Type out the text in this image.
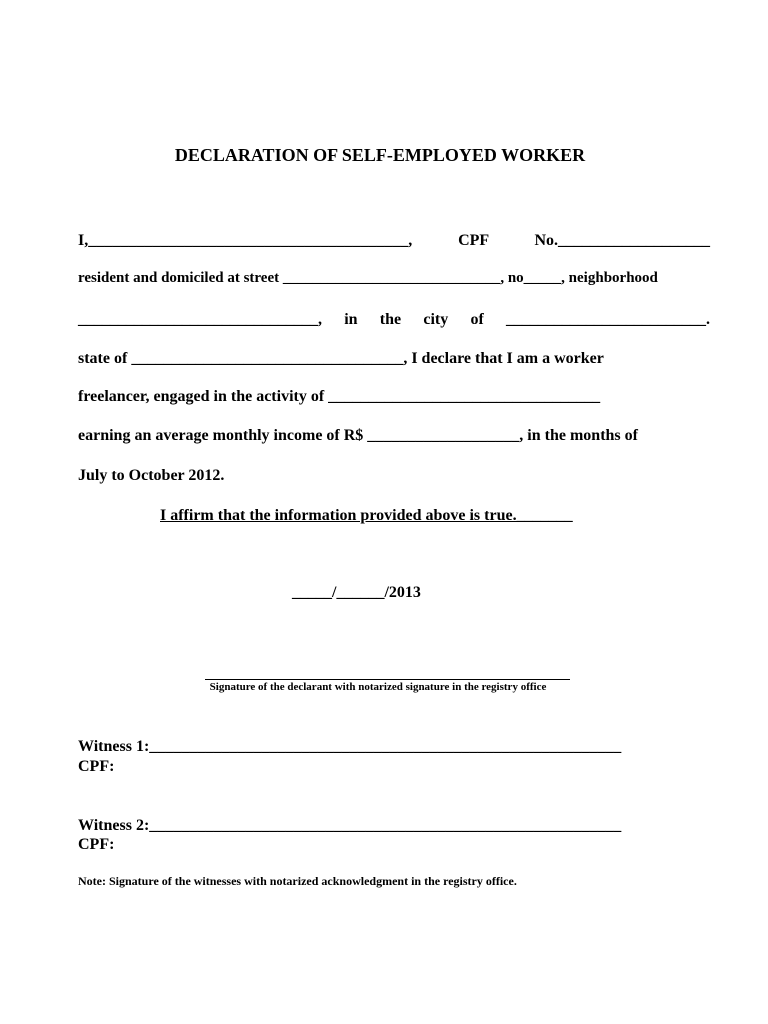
DECLARATION OF SELF-EMPLOYED WORKER

I,________________________________________,  CPF  No.___________________

resident and domiciled at street _____________________________, no_____, neighborhood

______________________________,   in   the   city   of   _________________________.

state of __________________________________, I declare that I am a worker

freelancer, engaged in the activity of __________________________________

earning an average monthly income of R$ ___________________, in the months of

July to October 2012.

I affirm that the information provided above is true._______

_____/______/2013

Signature of the declarant with notarized signature in the registry office

Witness 1:___________________________________________________________

CPF:

Witness 2:___________________________________________________________

CPF:

Note: Signature of the witnesses with notarized acknowledgment in the registry office.
